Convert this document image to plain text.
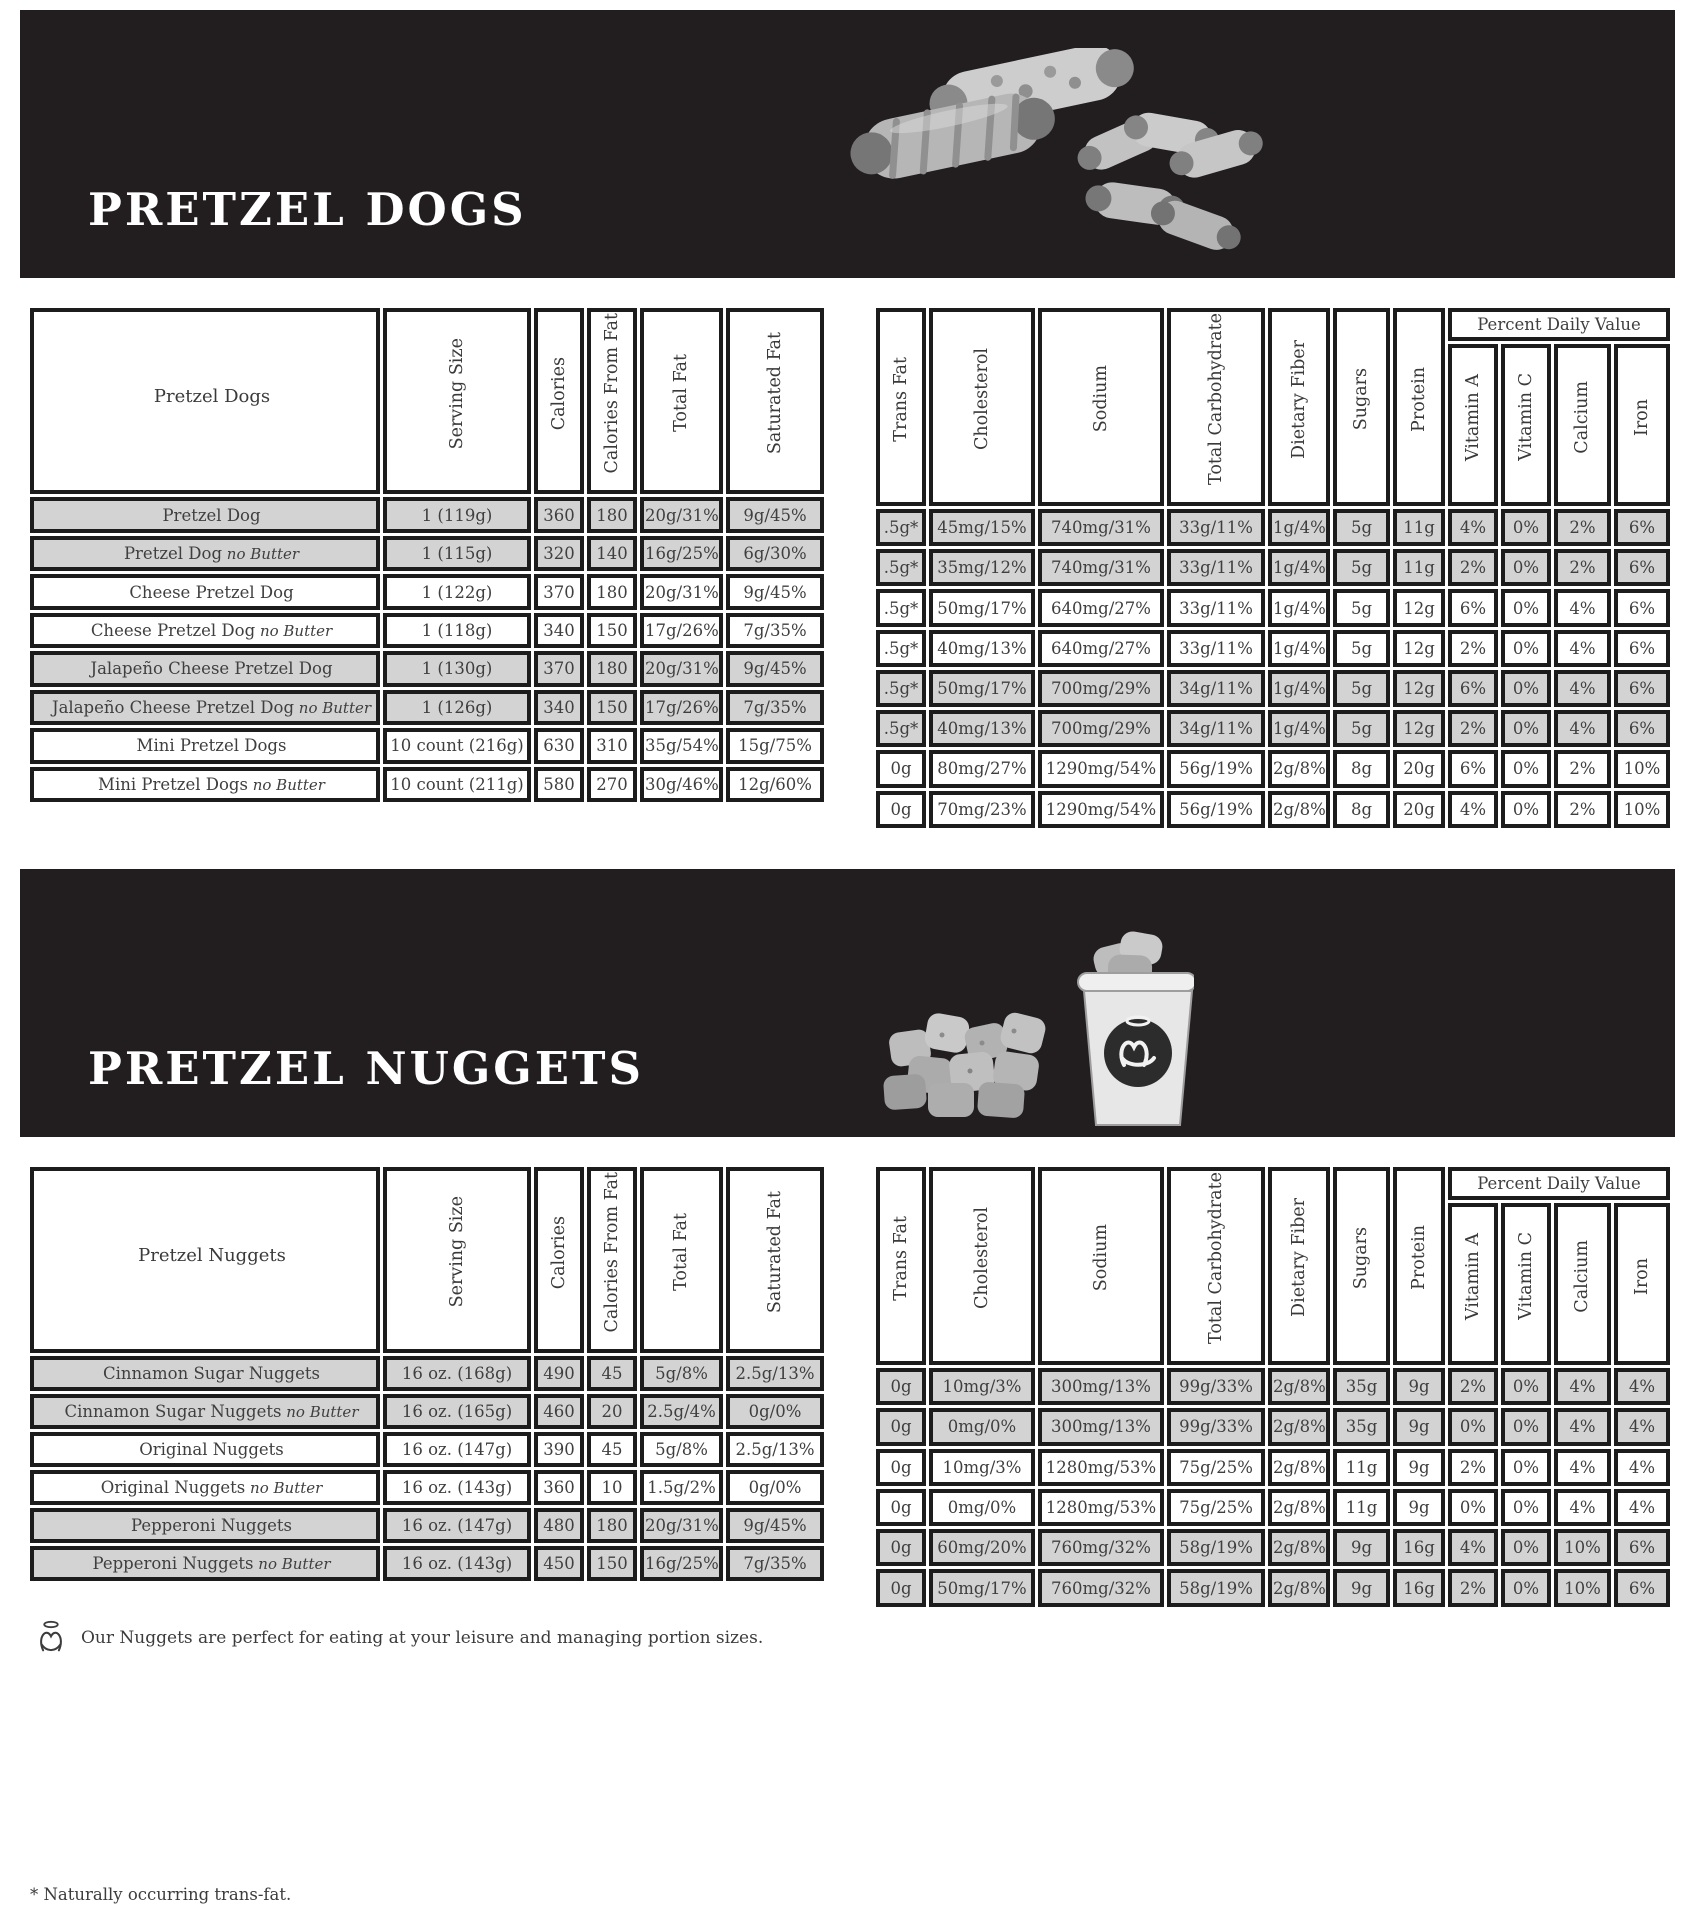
PRETZEL DOGS
Pretzel Dogs	Serving Size	Calories	Calories From Fat	Total Fat	Saturated Fat
Pretzel Dog	1 (119g)	360	180	20g/31%	9g/45%
Pretzel Dog no Butter	1 (115g)	320	140	16g/25%	6g/30%
Cheese Pretzel Dog	1 (122g)	370	180	20g/31%	9g/45%
Cheese Pretzel Dog no Butter	1 (118g)	340	150	17g/26%	7g/35%
Jalapeño Cheese Pretzel Dog	1 (130g)	370	180	20g/31%	9g/45%
Jalapeño Cheese Pretzel Dog no Butter	1 (126g)	340	150	17g/26%	7g/35%
Mini Pretzel Dogs	10 count (216g)	630	310	35g/54%	15g/75%
Mini Pretzel Dogs no Butter	10 count (211g)	580	270	30g/46%	12g/60%
Trans Fat	Cholesterol	Sodium	Total Carbohydrate	Dietary Fiber	Sugars	Protein	Percent Daily Value			
							Vitamin A	Vitamin C	Calcium	Iron
.5g*	45mg/15%	740mg/31%	33g/11%	1g/4%	5g	11g	4%	0%	2%	6%
.5g*	35mg/12%	740mg/31%	33g/11%	1g/4%	5g	11g	2%	0%	2%	6%
.5g*	50mg/17%	640mg/27%	33g/11%	1g/4%	5g	12g	6%	0%	4%	6%
.5g*	40mg/13%	640mg/27%	33g/11%	1g/4%	5g	12g	2%	0%	4%	6%
.5g*	50mg/17%	700mg/29%	34g/11%	1g/4%	5g	12g	6%	0%	4%	6%
.5g*	40mg/13%	700mg/29%	34g/11%	1g/4%	5g	12g	2%	0%	4%	6%
0g	80mg/27%	1290mg/54%	56g/19%	2g/8%	8g	20g	6%	0%	2%	10%
0g	70mg/23%	1290mg/54%	56g/19%	2g/8%	8g	20g	4%	0%	2%	10%
PRETZEL NUGGETS
Pretzel Nuggets	Serving Size	Calories	Calories From Fat	Total Fat	Saturated Fat
Cinnamon Sugar Nuggets	16 oz. (168g)	490	45	5g/8%	2.5g/13%
Cinnamon Sugar Nuggets no Butter	16 oz. (165g)	460	20	2.5g/4%	0g/0%
Original Nuggets	16 oz. (147g)	390	45	5g/8%	2.5g/13%
Original Nuggets no Butter	16 oz. (143g)	360	10	1.5g/2%	0g/0%
Pepperoni Nuggets	16 oz. (147g)	480	180	20g/31%	9g/45%
Pepperoni Nuggets no Butter	16 oz. (143g)	450	150	16g/25%	7g/35%
Trans Fat	Cholesterol	Sodium	Total Carbohydrate	Dietary Fiber	Sugars	Protein	Percent Daily Value			
							Vitamin A	Vitamin C	Calcium	Iron
0g	10mg/3%	300mg/13%	99g/33%	2g/8%	35g	9g	2%	0%	4%	4%
0g	0mg/0%	300mg/13%	99g/33%	2g/8%	35g	9g	0%	0%	4%	4%
0g	10mg/3%	1280mg/53%	75g/25%	2g/8%	11g	9g	2%	0%	4%	4%
0g	0mg/0%	1280mg/53%	75g/25%	2g/8%	11g	9g	0%	0%	4%	4%
0g	60mg/20%	760mg/32%	58g/19%	2g/8%	9g	16g	4%	0%	10%	6%
0g	50mg/17%	760mg/32%	58g/19%	2g/8%	9g	16g	2%	0%	10%	6%
Our Nuggets are perfect for eating at your leisure and managing portion sizes.
* Naturally occurring trans-fat.
